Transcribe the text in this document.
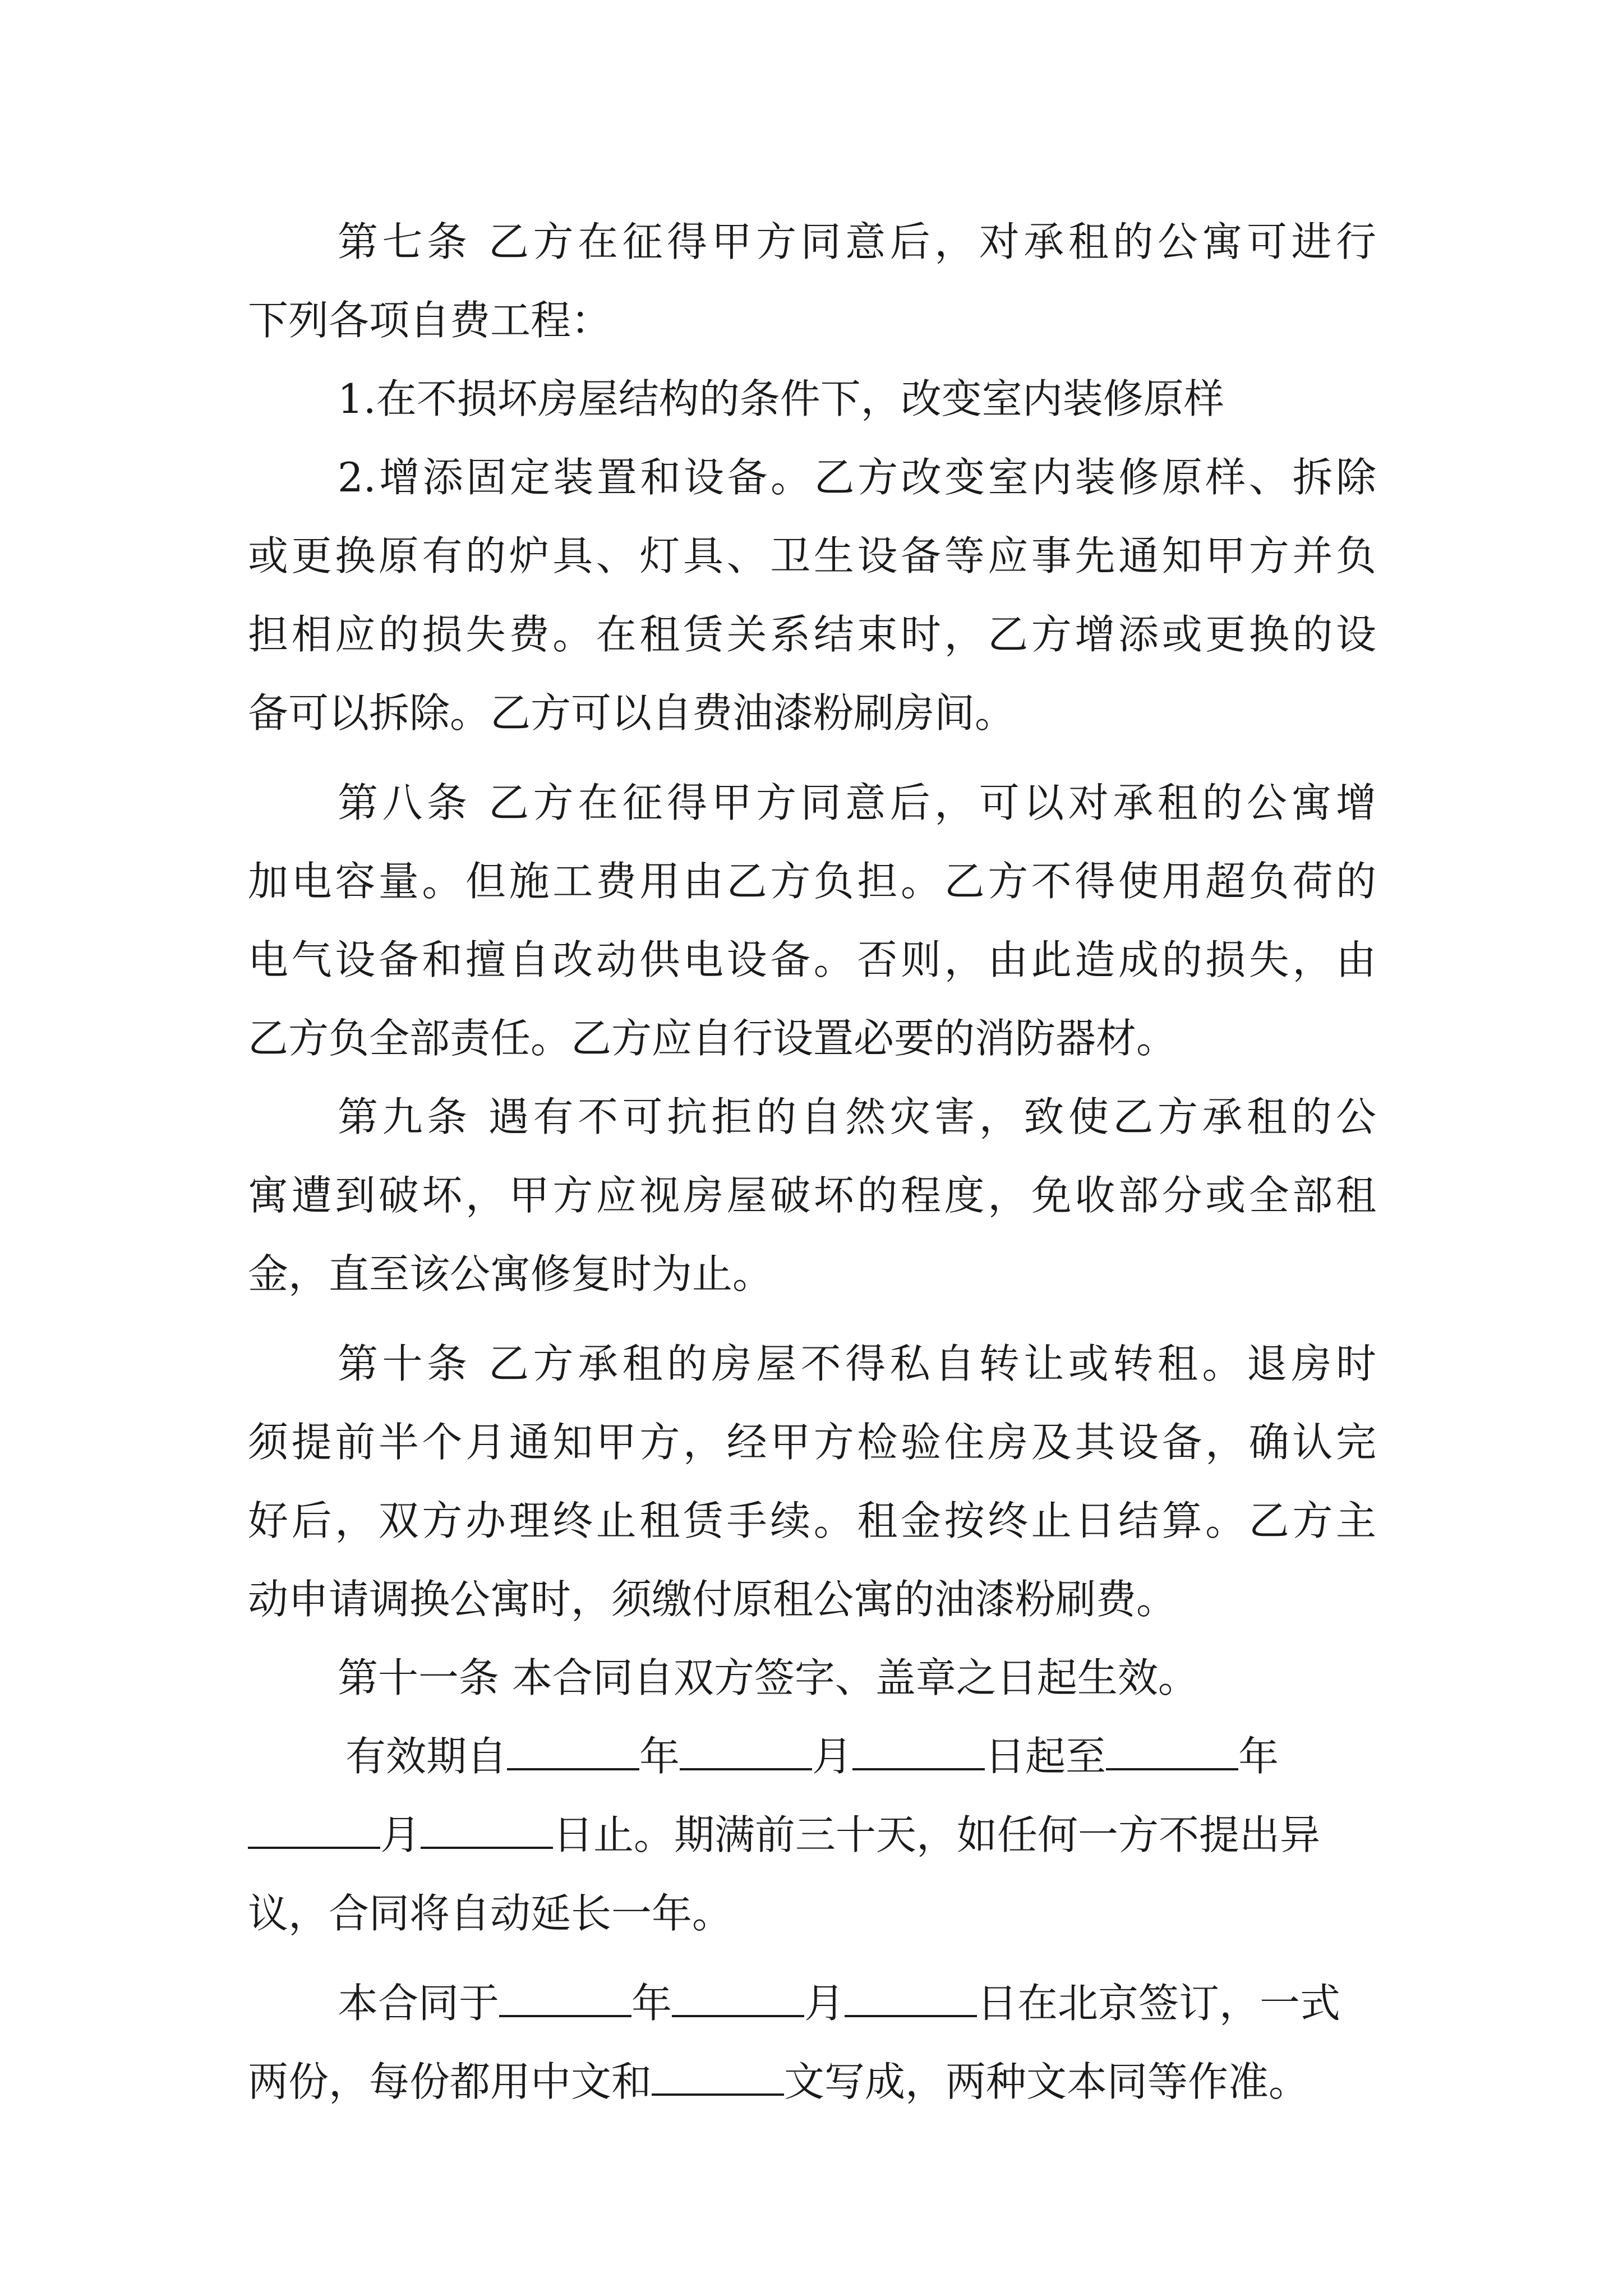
第七条 乙方在征得甲方同意后，对承租的公寓可进行

下列各项自费工程：

1.在不损坏房屋结构的条件下，改变室内装修原样

2.增添固定装置和设备。乙方改变室内装修原样、拆除

或更换原有的炉具、灯具、卫生设备等应事先通知甲方并负

担相应的损失费。在租赁关系结束时，乙方增添或更换的设

备可以拆除。乙方可以自费油漆粉刷房间。

第八条 乙方在征得甲方同意后，可以对承租的公寓增

加电容量。但施工费用由乙方负担。乙方不得使用超负荷的

电气设备和擅自改动供电设备。否则，由此造成的损失，由

乙方负全部责任。乙方应自行设置必要的消防器材。

第九条 遇有不可抗拒的自然灾害，致使乙方承租的公

寓遭到破坏，甲方应视房屋破坏的程度，免收部分或全部租

金，直至该公寓修复时为止。

第十条 乙方承租的房屋不得私自转让或转租。退房时

须提前半个月通知甲方，经甲方检验住房及其设备，确认完

好后，双方办理终止租赁手续。租金按终止日结算。乙方主

动申请调换公寓时，须缴付原租公寓的油漆粉刷费。

第十一条 本合同自双方签字、盖章之日起生效。

有效期自	年	月	日起至	年

月	日止。期满前三十天，如任何一方不提出异

议，合同将自动延长一年。

本合同于	年	月	日在北京签订，一式

两份，每份都用中文和	文写成，两种文本同等作准。
